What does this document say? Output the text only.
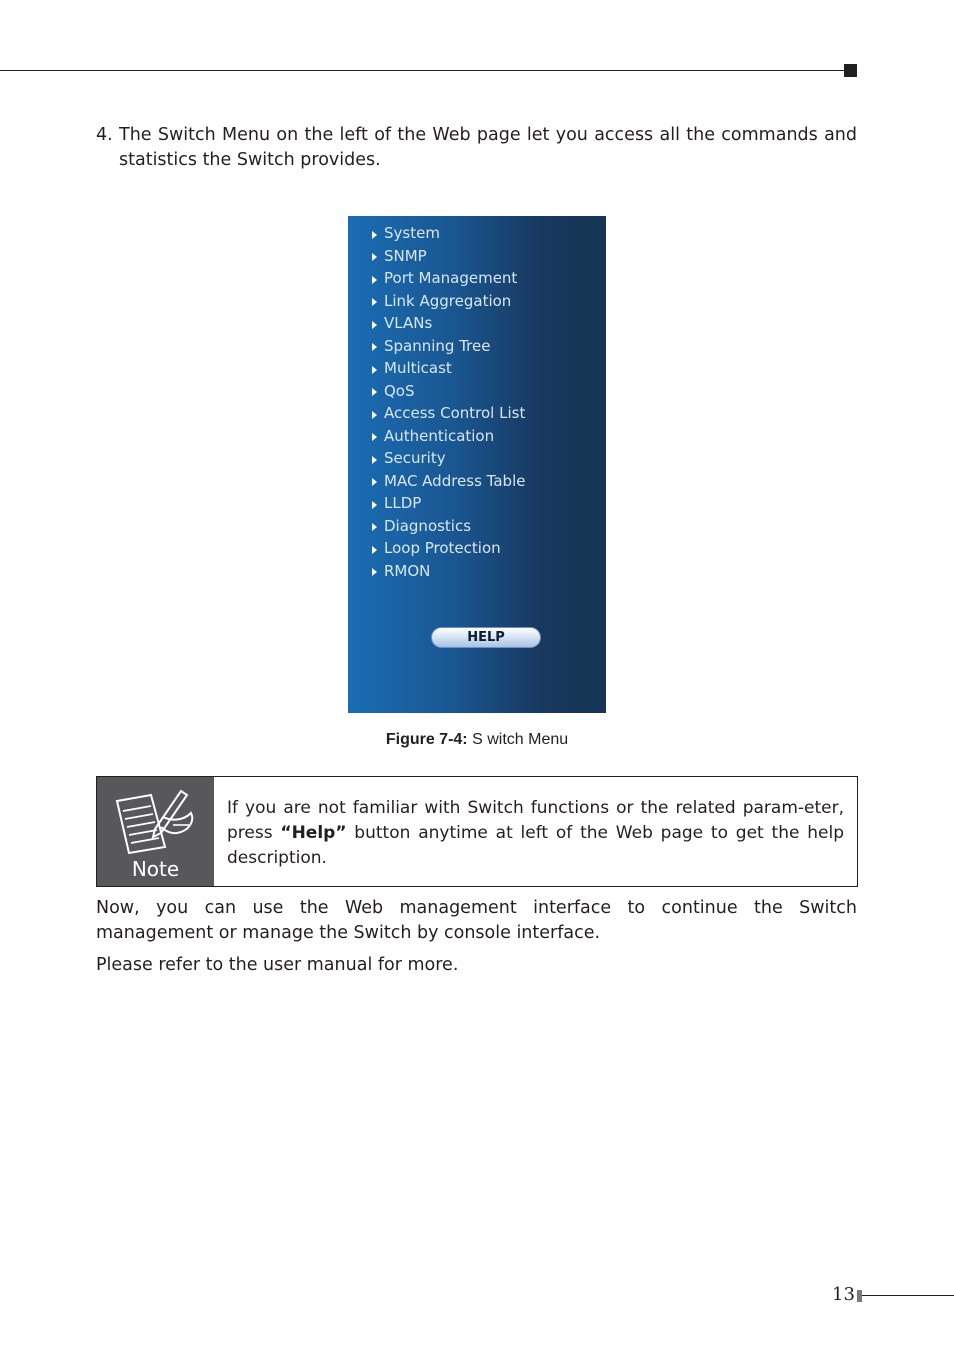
4. The Switch Menu on the left of the Web page let you access all the commands and statistics the Switch provides.
System
SNMP
Port Management
Link Aggregation
VLANs
Spanning Tree
Multicast
QoS
Access Control List
Authentication
Security
MAC Address Table
LLDP
Diagnostics
Loop Protection
RMON
HELP
Figure 7-4: S witch Menu
Note
If you are not familiar with Switch functions or the related param-eter, press “Help” button anytime at left of the Web page to get the help description.
Now, you can use the Web management interface to continue the Switch management or manage the Switch by console interface.
Please refer to the user manual for more.
13
